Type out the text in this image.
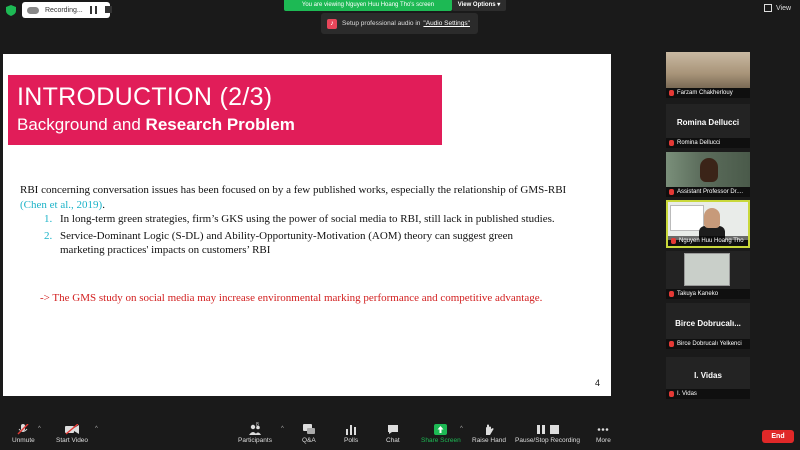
Recording...
You are viewing Nguyen Huu Hoang Tho's screen	View Options ▾
♪	Setup professional audio in "Audio Settings"
View
INTRODUCTION (2/3)
Background and Research Problem
RBI concerning conversation issues has been focused on by a few published works, especially the relationship of GMS-RBI (Chen et al., 2019).
1. In long-term green strategies, firm’s GKS using the power of social media to RBI, still lack in published studies.
2. Service-Dominant Logic (S-DL) and Ability-Opportunity-Motivation (AOM) theory can suggest green marketing practices' impacts on customers’ RBI
-> The GMS study on social media may increase environmental marking performance and competitive advantage.
4
Farzam Chakherlouy
Romina Dellucci
Romina Dellucci
Assistant Professor Dr....
Nguyen Huu Hoang Tho
Takuya Kaneko
Birce Dobrucalı...
Birce Dobrucalı Yelkenci
I. Vidas
I. Vidas
Unmute
^
Start Video
^
8
Participants
^
Q&A	Polls	Chat	Share Screen
^
Raise Hand Pause/Stop Recording More
End
